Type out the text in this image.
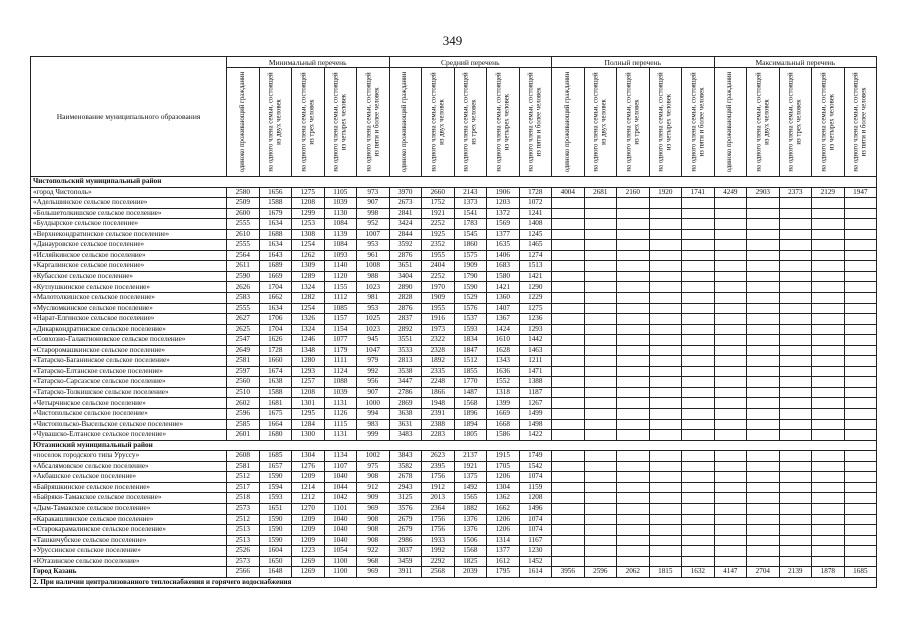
349
Наименование муниципального образования	Минимальный перечень					Средний перечень					Полный перечень					Максимальный перечень				

	одиноко проживающий гражданин	на одного члена семьи, состоящей из двух человек	на одного члена семьи, состоящей из трех человек	на одного члена семьи, состоящей из четырех человек	на одного члена семьи, состоящей из пяти и более человек	одиноко проживающий гражданин	на одного члена семьи, состоящей из двух человек	на одного члена семьи, состоящей из трех человек	на одного члена семьи, состоящей из четырех человек	на одного члена семьи, состоящей из пяти и более человек	одиноко проживающий гражданин	на одного члена семьи, состоящей из двух человек	на одного члена семьи, состоящей из трех человек	на одного члена семьи, состоящей из четырех человек	на одного члена семьи, состоящей из пяти и более человек	одиноко проживающий гражданин	на одного члена семьи, состоящей из двух человек	на одного члена семьи, состоящей из трех человек	на одного члена семьи, состоящей из четырех человек	на одного члена семьи, состоящей из пяти и более человек

Чистопольский муниципальный район																				
«город Чистополь»	2580	1656	1275	1105	973	3970	2660	2143	1906	1728	4004	2681	2160	1920	1741	4249	2903	2373	2129	1947
«Адельшинское сельское поселение»	2509	1588	1208	1039	907	2673	1752	1373	1203	1072										
«Большетолкишское сельское поселение»	2600	1679	1299	1130	998	2841	1921	1541	1372	1241										
«Булдырское сельское поселение»	2555	1634	1253	1084	952	3424	2252	1783	1569	1408										
«Верхнекондратинское сельское поселение»	2610	1688	1308	1139	1007	2844	1925	1545	1377	1245										
«Данауровское сельское поселение»	2555	1634	1254	1084	953	3592	2352	1860	1635	1465										
«Исляйкинское сельское поселение»	2564	1643	1262	1093	961	2876	1955	1575	1406	1274										
«Каргалинское сельское поселение»	2611	1689	1309	1140	1008	3651	2404	1909	1683	1513										
«Кубасское сельское поселение»	2590	1669	1289	1120	988	3404	2252	1790	1580	1421										
«Кутлушкинское сельское поселение»	2626	1704	1324	1155	1023	2890	1970	1590	1421	1290										
«Малотолкишское сельское поселение»	2583	1662	1282	1112	981	2828	1909	1529	1360	1229										
«Муслюмкинское сельское поселение»	2555	1634	1254	1085	953	2876	1955	1576	1407	1275										
«Нарат-Елгинское сельское поселение»	2627	1706	1326	1157	1025	2837	1916	1537	1367	1236										
«Дикаркондратинское сельское поселение»	2625	1704	1324	1154	1023	2892	1973	1593	1424	1293										
«Совхозно-Галактионовское сельское поселение»	2547	1626	1246	1077	945	3551	2322	1834	1610	1442										
«Староромашкинское сельское поселение»	2649	1728	1348	1179	1047	3533	2328	1847	1628	1463										
«Татарско-Баганинское сельское поселение»	2581	1660	1280	1111	979	2813	1892	1512	1343	1211										
«Татарско-Елтанское сельское поселение»	2597	1674	1293	1124	992	3538	2335	1855	1636	1471										
«Татарско-Сарсазское сельское поселение»	2560	1638	1257	1088	956	3447	2248	1770	1552	1388										
«Татарско-Толкишское сельское поселение»	2510	1588	1208	1039	907	2786	1866	1487	1318	1187										
«Четырчинское сельское поселение»	2602	1681	1301	1131	1000	2869	1948	1568	1399	1267										
«Чистопольское сельское поселение»	2596	1675	1295	1126	994	3638	2391	1896	1669	1499										
«Чистопольско-Высельское сельское поселение»	2585	1664	1284	1115	983	3631	2388	1894	1668	1498										
«Чувашско-Елтанское сельское поселение»	2601	1680	1300	1131	999	3483	2283	1805	1586	1422										
Ютазинский муниципальный район																				
«поселок городского типа Уруссу»	2608	1685	1304	1134	1002	3843	2623	2137	1915	1749										
«Абсалямовское сельское поселение»	2581	1657	1276	1107	975	3582	2395	1921	1705	1542										
«Акбашское сельское поселение»	2512	1590	1209	1040	908	2678	1756	1375	1206	1074										
«Байряшкинское сельское поселение»	2517	1594	1214	1044	912	2943	1912	1492	1304	1159										
«Байряки-Тамакское сельское поселение»	2518	1593	1212	1042	909	3125	2013	1565	1362	1208										
«Дым-Тамакское сельское поселение»	2573	1651	1270	1101	969	3576	2364	1882	1662	1496										
«Каракашлинское сельское поселение»	2512	1590	1209	1040	908	2679	1756	1376	1206	1074										
«Старокарамалинское сельское поселение»	2513	1590	1209	1040	908	2679	1756	1376	1206	1074										
«Ташкичубское сельское поселение»	2513	1590	1209	1040	908	2986	1933	1506	1314	1167										
«Уруссинское сельское поселение»	2526	1604	1223	1054	922	3037	1992	1568	1377	1230										
«Ютазинское сельское поселение»	2573	1650	1269	1100	968	3459	2292	1825	1612	1452										
Город Казань	2566	1648	1269	1100	969	3911	2568	2039	1795	1614	3956	2596	2062	1815	1632	4147	2704	2139	1878	1685
2. При наличии централизованного теплоснабжения и горячего водоснабжения																				
